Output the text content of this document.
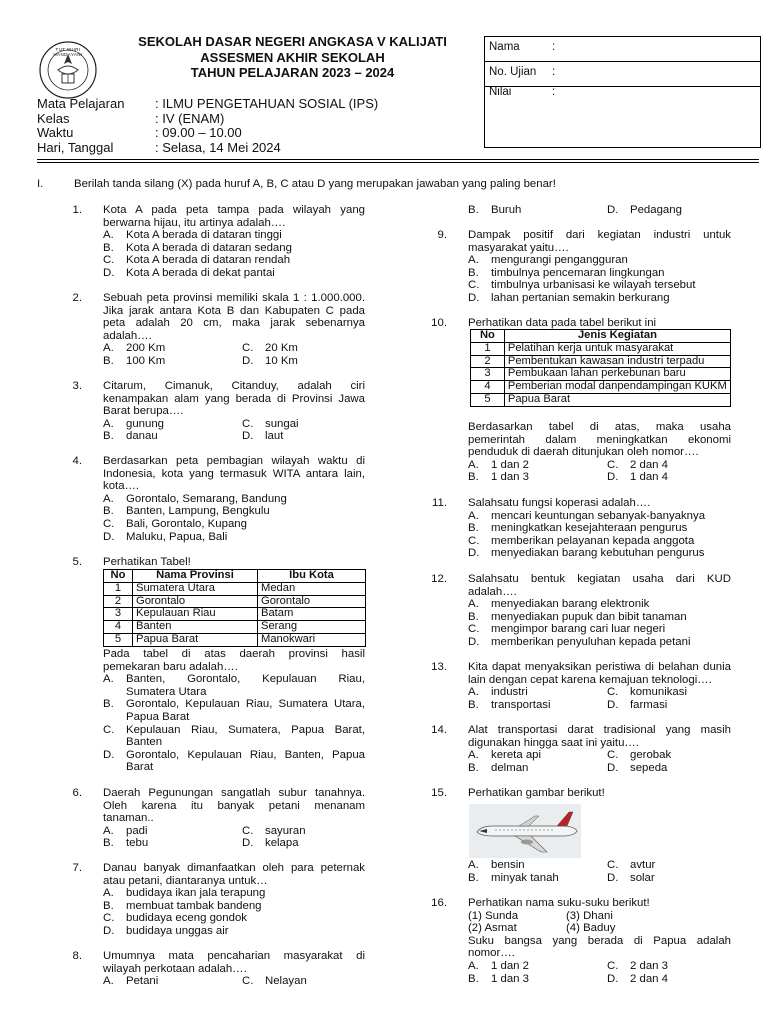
TUT WURI HANDAYANI
SEKOLAH DASAR NEGERI ANGKASA V KALIJATI
ASSESMEN AKHIR SEKOLAH
TAHUN PELAJARAN 2023 – 2024
Nama	:
No. Ujian :
Nilai	:
Mata Pelajaran : ILMU PENGETAHUAN SOSIAL (IPS)
Kelas	: IV (ENAM)
Waktu	: 09.00 – 10.00
Hari, Tanggal	: Selasa, 14 Mei 2024
I.	Berilah tanda silang (X) pada huruf A, B, C atau D yang merupakan jawaban yang paling benar!
1. Kota A pada peta tampa pada wilayah yang
berwarna hijau, itu artinya adalah….
A. Kota A berada di dataran tinggi
B. Kota A berada di dataran sedang
C. Kota A berada di dataran rendah
D. Kota A berada di dekat pantai
2. Sebuah peta provinsi memiliki skala 1 : 1.000.000.
Jika jarak antara Kota B dan Kabupaten C pada
peta adalah 20 cm, maka jarak sebenarnya
adalah….
A. 200 Km	C. 20 Km
B. 100 Km	D. 10 Km
3. Citarum, Cimanuk, Citanduy, adalah ciri
kenampakan alam yang berada di Provinsi Jawa
Barat berupa….
A. gunung	C. sungai
B. danau	D. laut
4. Berdasarkan peta pembagian wilayah waktu di
Indonesia, kota yang termasuk WITA antara lain,
kota….
A. Gorontalo, Semarang, Bandung
B. Banten, Lampung, Bengkulu
C. Bali, Gorontalo, Kupang
D. Maluku, Papua, Bali
5. Perhatikan Tabel!
No	Nama Provinsi	Ibu Kota
1	Sumatera Utara	Medan
2	Gorontalo	Gorontalo
3	Kepulauan Riau	Batam
4	Banten	Serang
5	Papua Barat	Manokwari
Pada tabel di atas daerah provinsi hasil
pemekaran baru adalah….
A. Banten, Gorontalo, Kepulauan Riau,
Sumatera Utara
B. Gorontalo, Kepulauan Riau, Sumatera Utara,
Papua Barat
C. Kepulauan Riau, Sumatera, Papua Barat,
Banten
D. Gorontalo, Kepulauan Riau, Banten, Papua
Barat
6. Daerah Pegunungan sangatlah subur tanahnya.
Oleh karena itu banyak petani menanam
tanaman..
A. padi	C. sayuran
B. tebu	D. kelapa
7. Danau banyak dimanfaatkan oleh para peternak
atau petani, diantaranya untuk…
A. budidaya ikan jala terapung
B. membuat tambak bandeng
C. budidaya eceng gondok
D. budidaya unggas air
8. Umumnya mata pencaharian masyarakat di
wilayah perkotaan adalah….
A. Petani	C. Nelayan
B. Buruh	D. Pedagang
9. Dampak positif dari kegiatan industri untuk
masyarakat yaitu….
A. mengurangi pengangguran
B. timbulnya pencemaran lingkungan
C. timbulnya urbanisasi ke wilayah tersebut
D. lahan pertanian semakin berkurang
10. Perhatikan data pada tabel berikut ini
No	Jenis Kegiatan
1	Pelatihan kerja untuk masyarakat
2	Pembentukan kawasan industri terpadu
3	Pembukaan lahan perkebunan baru
4	Pemberian modal danpendampingan KUKM
5	Papua Barat
Berdasarkan tabel di atas, maka usaha
pemerintah dalam meningkatkan ekonomi
penduduk di daerah ditunjukan oleh nomor….
A. 1 dan 2	C. 2 dan 4
B. 1 dan 3	D. 1 dan 4
11. Salahsatu fungsi koperasi adalah….
A. mencari keuntungan sebanyak-banyaknya
B. meningkatkan kesejahteraan pengurus
C. memberikan pelayanan kepada anggota
D. menyediakan barang kebutuhan pengurus
12. Salahsatu bentuk kegiatan usaha dari KUD
adalah….
A. menyediakan barang elektronik
B. menyediakan pupuk dan bibit tanaman
C. mengimpor barang cari luar negeri
D. memberikan penyuluhan kepada petani
13. Kita dapat menyaksikan peristiwa di belahan dunia
lain dengan cepat karena kemajuan teknologi….
A. industri	C. komunikasi
B. transportasi	D. farmasi
14. Alat transportasi darat tradisional yang masih
digunakan hingga saat ini yaitu….
A. kereta api	C. gerobak
B. delman	D. sepeda
15. Perhatikan gambar berikut!
A. bensin	C. avtur
B. minyak tanah	D. solar
16. Perhatikan nama suku-suku berikut!
(1) Sunda	(3) Dhani
(2) Asmat	(4) Baduy
Suku bangsa yang berada di Papua adalah
nomor….
A. 1 dan 2	C. 2 dan 3
B. 1 dan 3	D. 2 dan 4
